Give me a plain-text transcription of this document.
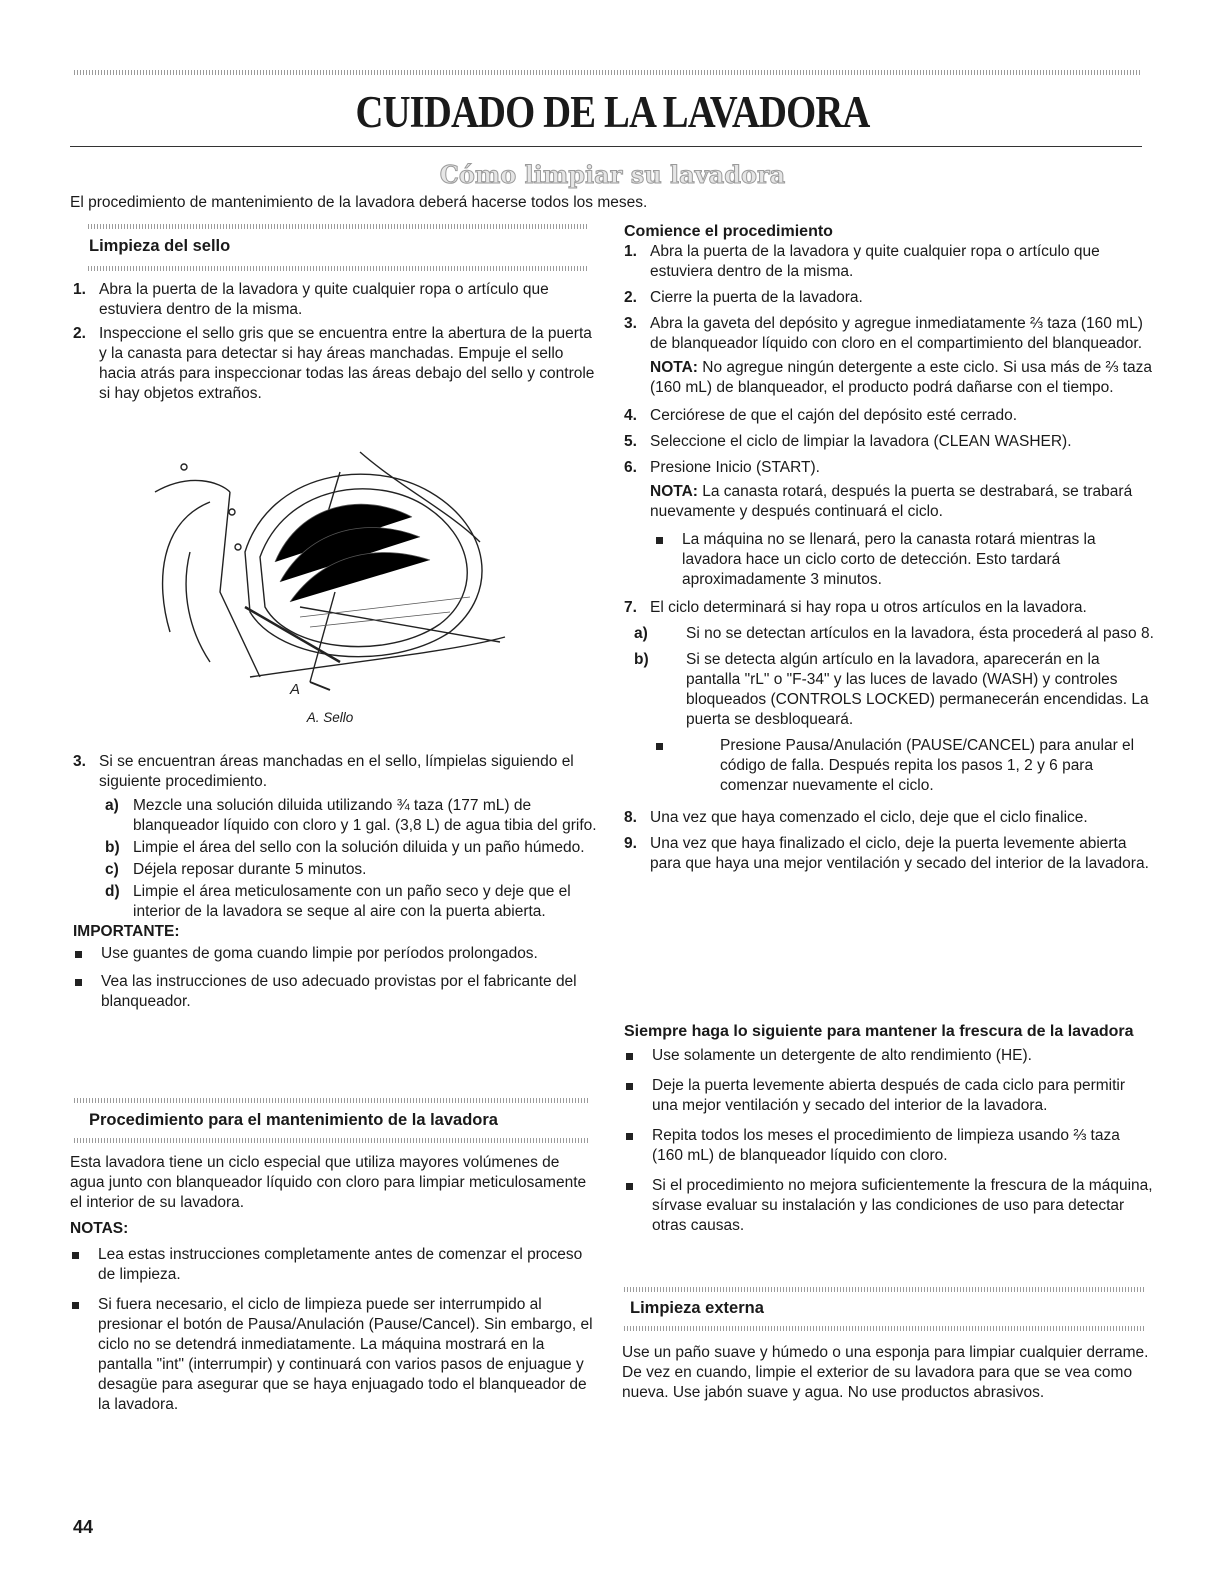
CUIDADO DE LA LAVADORA
Cómo limpiar su lavadora

El procedimiento de mantenimiento de la lavadora deberá hacerse todos los meses.

Limpieza del sello

1. Abra la puerta de la lavadora y quite cualquier ropa o artículo que estuviera dentro de la misma.
2. Inspeccione el sello gris que se encuentra entre la abertura de la puerta y la canasta para detectar si hay áreas manchadas. Empuje el sello hacia atrás para inspeccionar todas las áreas debajo del sello y controle si hay objetos extraños.
A
A. Sello
3. Si se encuentran áreas manchadas en el sello, límpielas siguiendo el siguiente procedimiento.
a) Mezcle una solución diluida utilizando ¾ taza (177 mL) de blanqueador líquido con cloro y 1 gal. (3,8 L) de agua tibia del grifo.
b) Limpie el área del sello con la solución diluida y un paño húmedo.
c) Déjela reposar durante 5 minutos.
d) Limpie el área meticulosamente con un paño seco y deje que el interior de la lavadora se seque al aire con la puerta abierta.

IMPORTANTE:

Use guantes de goma cuando limpie por períodos prolongados.
Vea las instrucciones de uso adecuado provistas por el fabricante del blanqueador.

Procedimiento para el mantenimiento de la lavadora

Esta lavadora tiene un ciclo especial que utiliza mayores volúmenes de agua junto con blanqueador líquido con cloro para limpiar meticulosamente el interior de su lavadora.

NOTAS:

Lea estas instrucciones completamente antes de comenzar el proceso de limpieza.
Si fuera necesario, el ciclo de limpieza puede ser interrumpido al presionar el botón de Pausa/Anulación (Pause/Cancel). Sin embargo, el ciclo no se detendrá inmediatamente. La máquina mostrará en la pantalla "int" (interrumpir) y continuará con varios pasos de enjuague y desagüe para asegurar que se haya enjuagado todo el blanqueador de la lavadora.

Comience el procedimiento

1. Abra la puerta de la lavadora y quite cualquier ropa o artículo que estuviera dentro de la misma.
2. Cierre la puerta de la lavadora.
3. Abra la gaveta del depósito y agregue inmediatamente ⅔ taza (160 mL) de blanqueador líquido con cloro en el compartimiento del blanqueador.

NOTA: No agregue ningún detergente a este ciclo. Si usa más de ⅔ taza (160 mL) de blanqueador, el producto podrá dañarse con el tiempo.

4. Cerciórese de que el cajón del depósito esté cerrado.
5. Seleccione el ciclo de limpiar la lavadora (CLEAN WASHER).
6. Presione Inicio (START).

NOTA: La canasta rotará, después la puerta se destrabará, se trabará nuevamente y después continuará el ciclo.

La máquina no se llenará, pero la canasta rotará mientras la lavadora hace un ciclo corto de detección. Esto tardará aproximadamente 3 minutos.
7. El ciclo determinará si hay ropa u otros artículos en la lavadora.
a) Si no se detectan artículos en la lavadora, ésta procederá al paso 8.
b) Si se detecta algún artículo en la lavadora, aparecerán en la pantalla "rL" o "F-34" y las luces de lavado (WASH) y controles bloqueados (CONTROLS LOCKED) permanecerán encendidas. La puerta se desbloqueará.
Presione Pausa/Anulación (PAUSE/CANCEL) para anular el código de falla. Después repita los pasos 1, 2 y 6 para comenzar nuevamente el ciclo.
8. Una vez que haya comenzado el ciclo, deje que el ciclo finalice.
9. Una vez que haya finalizado el ciclo, deje la puerta levemente abierta para que haya una mejor ventilación y secado del interior de la lavadora.

Siempre haga lo siguiente para mantener la frescura de la lavadora

Use solamente un detergente de alto rendimiento (HE).
Deje la puerta levemente abierta después de cada ciclo para permitir una mejor ventilación y secado del interior de la lavadora.
Repita todos los meses el procedimiento de limpieza usando ⅔ taza (160 mL) de blanqueador líquido con cloro.
Si el procedimiento no mejora suficientemente la frescura de la máquina, sírvase evaluar su instalación y las condiciones de uso para detectar otras causas.

Limpieza externa

Use un paño suave y húmedo o una esponja para limpiar cualquier derrame. De vez en cuando, limpie el exterior de su lavadora para que se vea como nueva. Use jabón suave y agua. No use productos abrasivos.

44
